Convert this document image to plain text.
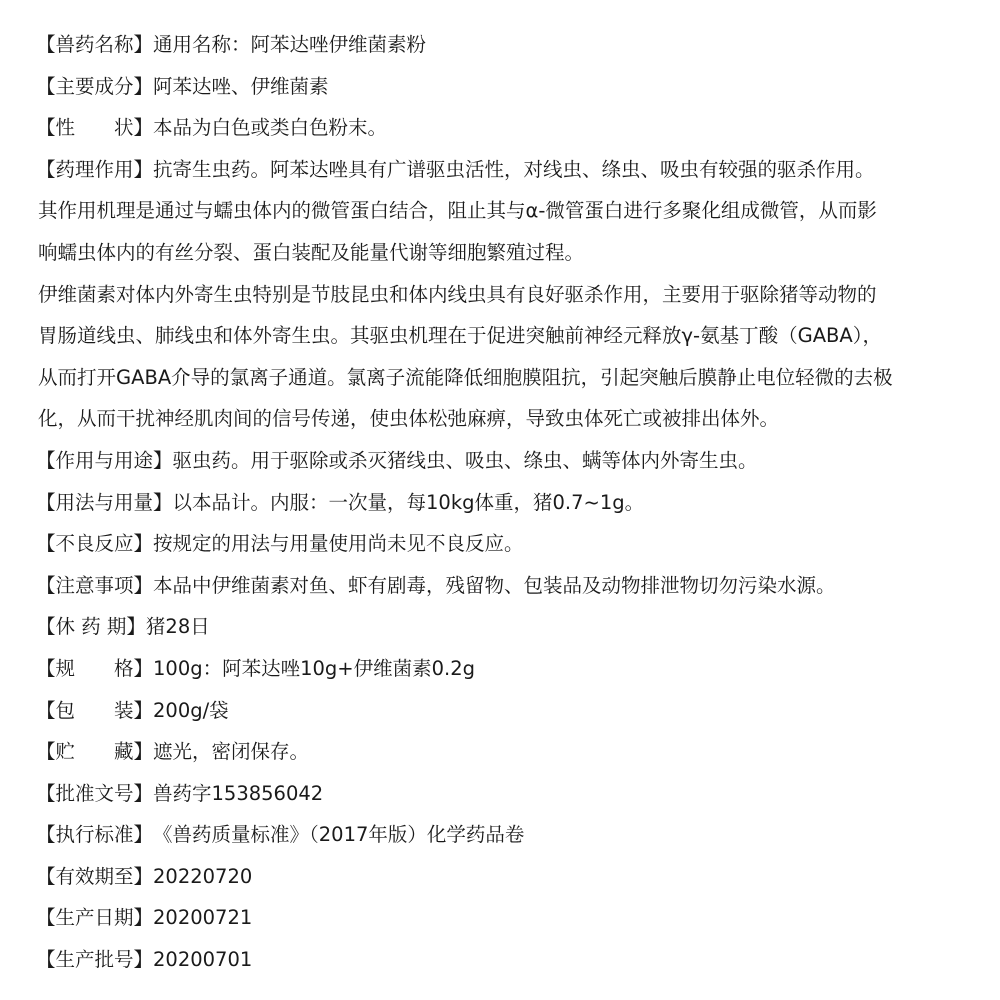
【兽药名称】通用名称：阿苯达唑伊维菌素粉
【主要成分】阿苯达唑、伊维菌素
【性　　状】本品为白色或类白色粉末。
【药理作用】抗寄生虫药。阿苯达唑具有广谱驱虫活性，对线虫、绦虫、吸虫有较强的驱杀作用。
其作用机理是通过与蠕虫体内的微管蛋白结合，阻止其与α-微管蛋白进行多聚化组成微管，从而影
响蠕虫体内的有丝分裂、蛋白装配及能量代谢等细胞繁殖过程。
伊维菌素对体内外寄生虫特别是节肢昆虫和体内线虫具有良好驱杀作用，主要用于驱除猪等动物的
胃肠道线虫、肺线虫和体外寄生虫。其驱虫机理在于促进突触前神经元释放γ-氨基丁酸（GABA），
从而打开GABA介导的氯离子通道。氯离子流能降低细胞膜阻抗，引起突触后膜静止电位轻微的去极
化，从而干扰神经肌肉间的信号传递，使虫体松弛麻痹，导致虫体死亡或被排出体外。
【作用与用途】驱虫药。用于驱除或杀灭猪线虫、吸虫、绦虫、螨等体内外寄生虫。
【用法与用量】以本品计。内服：一次量，每10kg体重，猪0.7~1g。
【不良反应】按规定的用法与用量使用尚未见不良反应。
【注意事项】本品中伊维菌素对鱼、虾有剧毒，残留物、包装品及动物排泄物切勿污染水源。
【休 药 期】猪28日
【规　　格】100g：阿苯达唑10g+伊维菌素0.2g
【包　　装】200g/袋
【贮　　藏】遮光，密闭保存。
【批准文号】兽药字153856042
【执行标准】《兽药质量标准》（2017年版）化学药品卷
【有效期至】20220720
【生产日期】20200721
【生产批号】20200701
